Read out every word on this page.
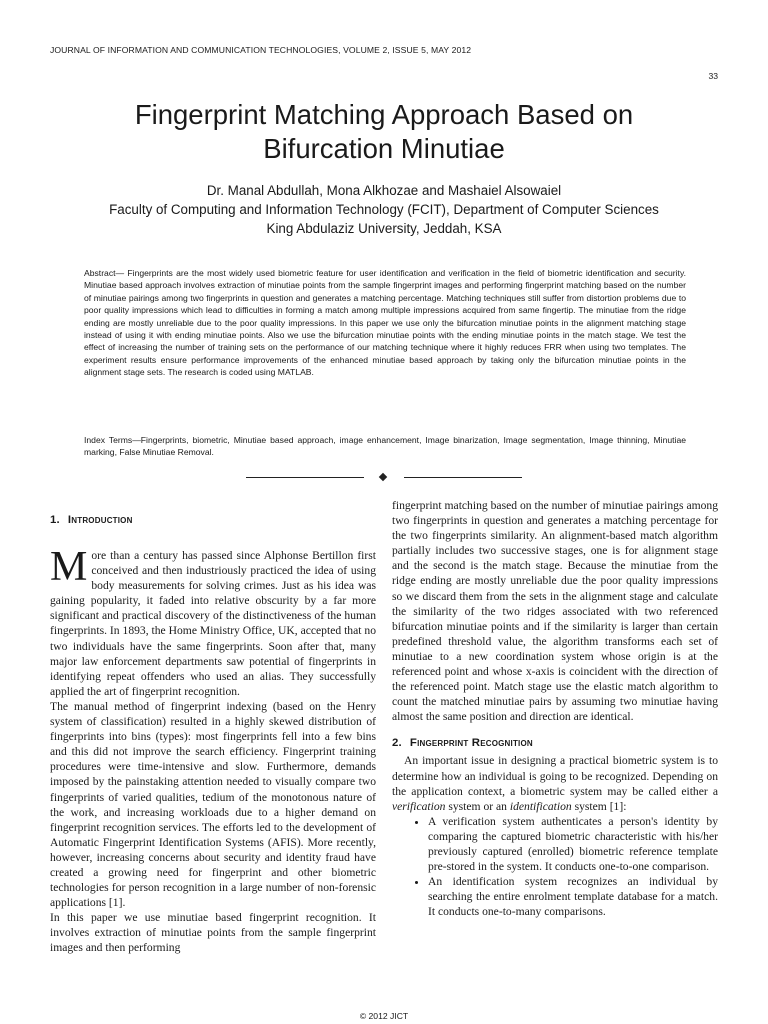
JOURNAL OF INFORMATION AND COMMUNICATION TECHNOLOGIES, VOLUME 2, ISSUE 5, MAY 2012
33
Fingerprint Matching Approach Based on
Bifurcation Minutiae
Dr. Manal Abdullah, Mona Alkhozae and Mashaiel Alsowaiel
Faculty of Computing and Information Technology (FCIT), Department of Computer Sciences
King Abdulaziz University, Jeddah, KSA
Abstract— Fingerprints are the most widely used biometric feature for user identification and verification in the field of biometric identification and security. Minutiae based approach involves extraction of minutiae points from the sample fingerprint images and performing fingerprint matching based on the number of minutiae pairings among two fingerprints in question and generates a matching percentage. Matching techniques still suffer from distortion problems due to poor quality impressions which lead to difficulties in forming a match among multiple impressions acquired from same fingertip. The minutiae from the ridge ending are mostly unreliable due to the poor quality impressions. In this paper we use only the bifurcation minutiae points in the alignment matching stage instead of using it with ending minutiae points. Also we use the bifurcation minutiae points with the ending minutiae points in the match stage. We test the effect of increasing the number of training sets on the performance of our matching technique where it highly reduces FRR when using two templates. The experiment results ensure performance improvements of the enhanced minutiae based approach by taking only the bifurcation minutiae points in the alignment stage sets. The research is coded using MATLAB.
Index Terms—Fingerprints, biometric, Minutiae based approach, image enhancement, Image binarization, Image segmentation, Image thinning, Minutiae marking, False Minutiae Removal.
1. Introduction

More than a century has passed since Alphonse Bertillon first conceived and then industriously practiced the idea of using body measurements for solving crimes. Just as his idea was gaining popularity, it faded into relative obscurity by a far more significant and practical discovery of the distinctiveness of the human fingerprints. In 1893, the Home Ministry Office, UK, accepted that no two individuals have the same fingerprints. Soon after that, many major law enforcement departments saw potential of fingerprints in identifying repeat offenders who used an alias. They successfully applied the art of fingerprint recognition.

The manual method of fingerprint indexing (based on the Henry system of classification) resulted in a highly skewed distribution of fingerprints into bins (types): most fingerprints fell into a few bins and this did not improve the search efficiency. Fingerprint training procedures were time-intensive and slow. Furthermore, demands imposed by the painstaking attention needed to visually compare two fingerprints of varied qualities, tedium of the monotonous nature of the work, and increasing workloads due to a higher demand on fingerprint recognition services. The efforts led to the development of Automatic Fingerprint Identification Systems (AFIS). More recently, however, increasing concerns about security and identity fraud have created a growing need for fingerprint and other biometric technologies for person recognition in a large number of non-forensic applications [1].

In this paper we use minutiae based fingerprint recognition. It involves extraction of minutiae points from the sample fingerprint images and then performing

fingerprint matching based on the number of minutiae pairings among two fingerprints in question and generates a matching percentage for the two fingerprints similarity. An alignment-based match algorithm partially includes two successive stages, one is for alignment stage and the second is the match stage. Because the minutiae from the ridge ending are mostly unreliable due the poor quality impressions so we discard them from the sets in the alignment stage and calculate the similarity of the two ridges associated with two referenced bifurcation minutiae points and if the similarity is larger than certain predefined threshold value, the algorithm transforms each set of minutiae to a new coordination system whose origin is at the referenced point and whose x-axis is coincident with the direction of the referenced point. Match stage use the elastic match algorithm to count the matched minutiae pairs by assuming two minutiae having almost the same position and direction are identical.

2. Fingerprint Recognition

An important issue in designing a practical biometric system is to determine how an individual is going to be recognized. Depending on the application context, a biometric system may be called either a verification system or an identification system [1]:

• A verification system authenticates a person's identity by comparing the captured biometric characteristic with his/her previously captured (enrolled) biometric reference template pre-stored in the system. It conducts one-to-one comparison.
• An identification system recognizes an individual by searching the entire enrolment template database for a match. It conducts one-to-many comparisons.
© 2012 JICT
